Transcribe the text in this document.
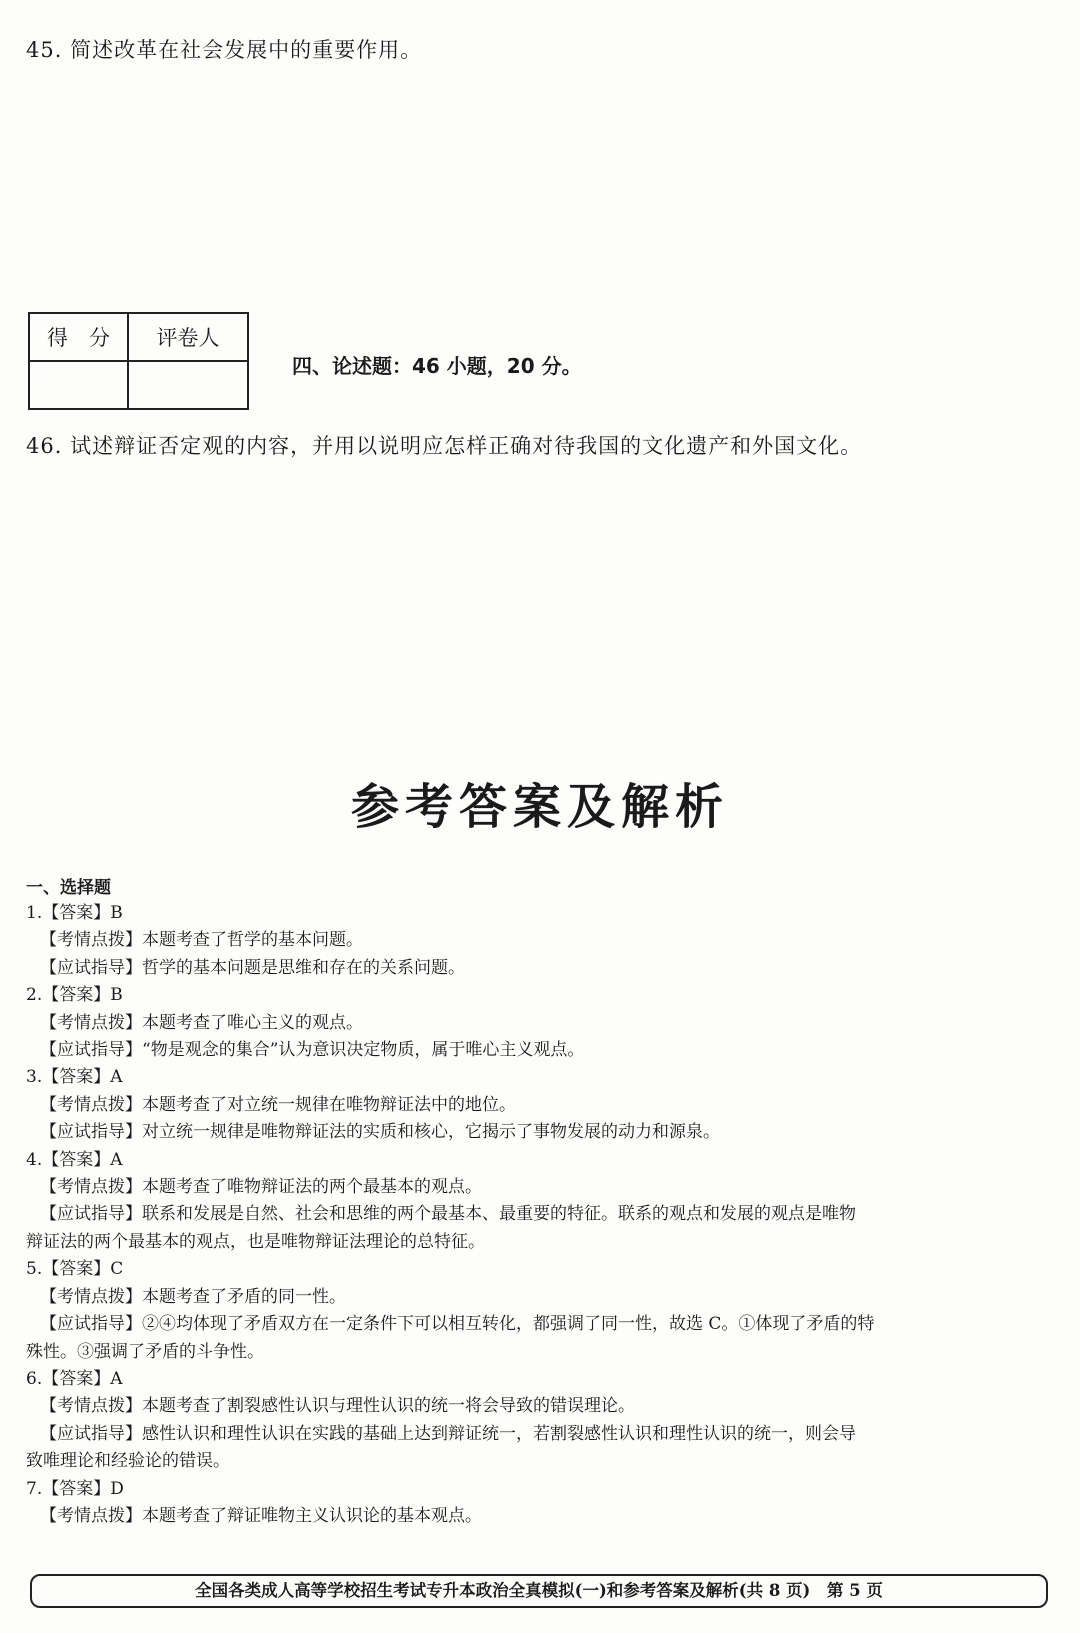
45. 简述改革在社会发展中的重要作用。
得　分	评卷人

四、论述题：46 小题，20 分。
46. 试述辩证否定观的内容，并用以说明应怎样正确对待我国的文化遗产和外国文化。
参考答案及解析
一、选择题
1.【答案】B
【考情点拨】本题考查了哲学的基本问题。
【应试指导】哲学的基本问题是思维和存在的关系问题。
2.【答案】B
【考情点拨】本题考查了唯心主义的观点。
【应试指导】“物是观念的集合”认为意识决定物质，属于唯心主义观点。
3.【答案】A
【考情点拨】本题考查了对立统一规律在唯物辩证法中的地位。
【应试指导】对立统一规律是唯物辩证法的实质和核心，它揭示了事物发展的动力和源泉。
4.【答案】A
【考情点拨】本题考查了唯物辩证法的两个最基本的观点。
【应试指导】联系和发展是自然、社会和思维的两个最基本、最重要的特征。联系的观点和发展的观点是唯物
辩证法的两个最基本的观点，也是唯物辩证法理论的总特征。
5.【答案】C
【考情点拨】本题考查了矛盾的同一性。
【应试指导】②④均体现了矛盾双方在一定条件下可以相互转化，都强调了同一性，故选 C。①体现了矛盾的特
殊性。③强调了矛盾的斗争性。
6.【答案】A
【考情点拨】本题考查了割裂感性认识与理性认识的统一将会导致的错误理论。
【应试指导】感性认识和理性认识在实践的基础上达到辩证统一，若割裂感性认识和理性认识的统一，则会导
致唯理论和经验论的错误。
7.【答案】D
【考情点拨】本题考查了辩证唯物主义认识论的基本观点。
全国各类成人高等学校招生考试专升本政治全真模拟(一)和参考答案及解析(共 8 页)　第 5 页
